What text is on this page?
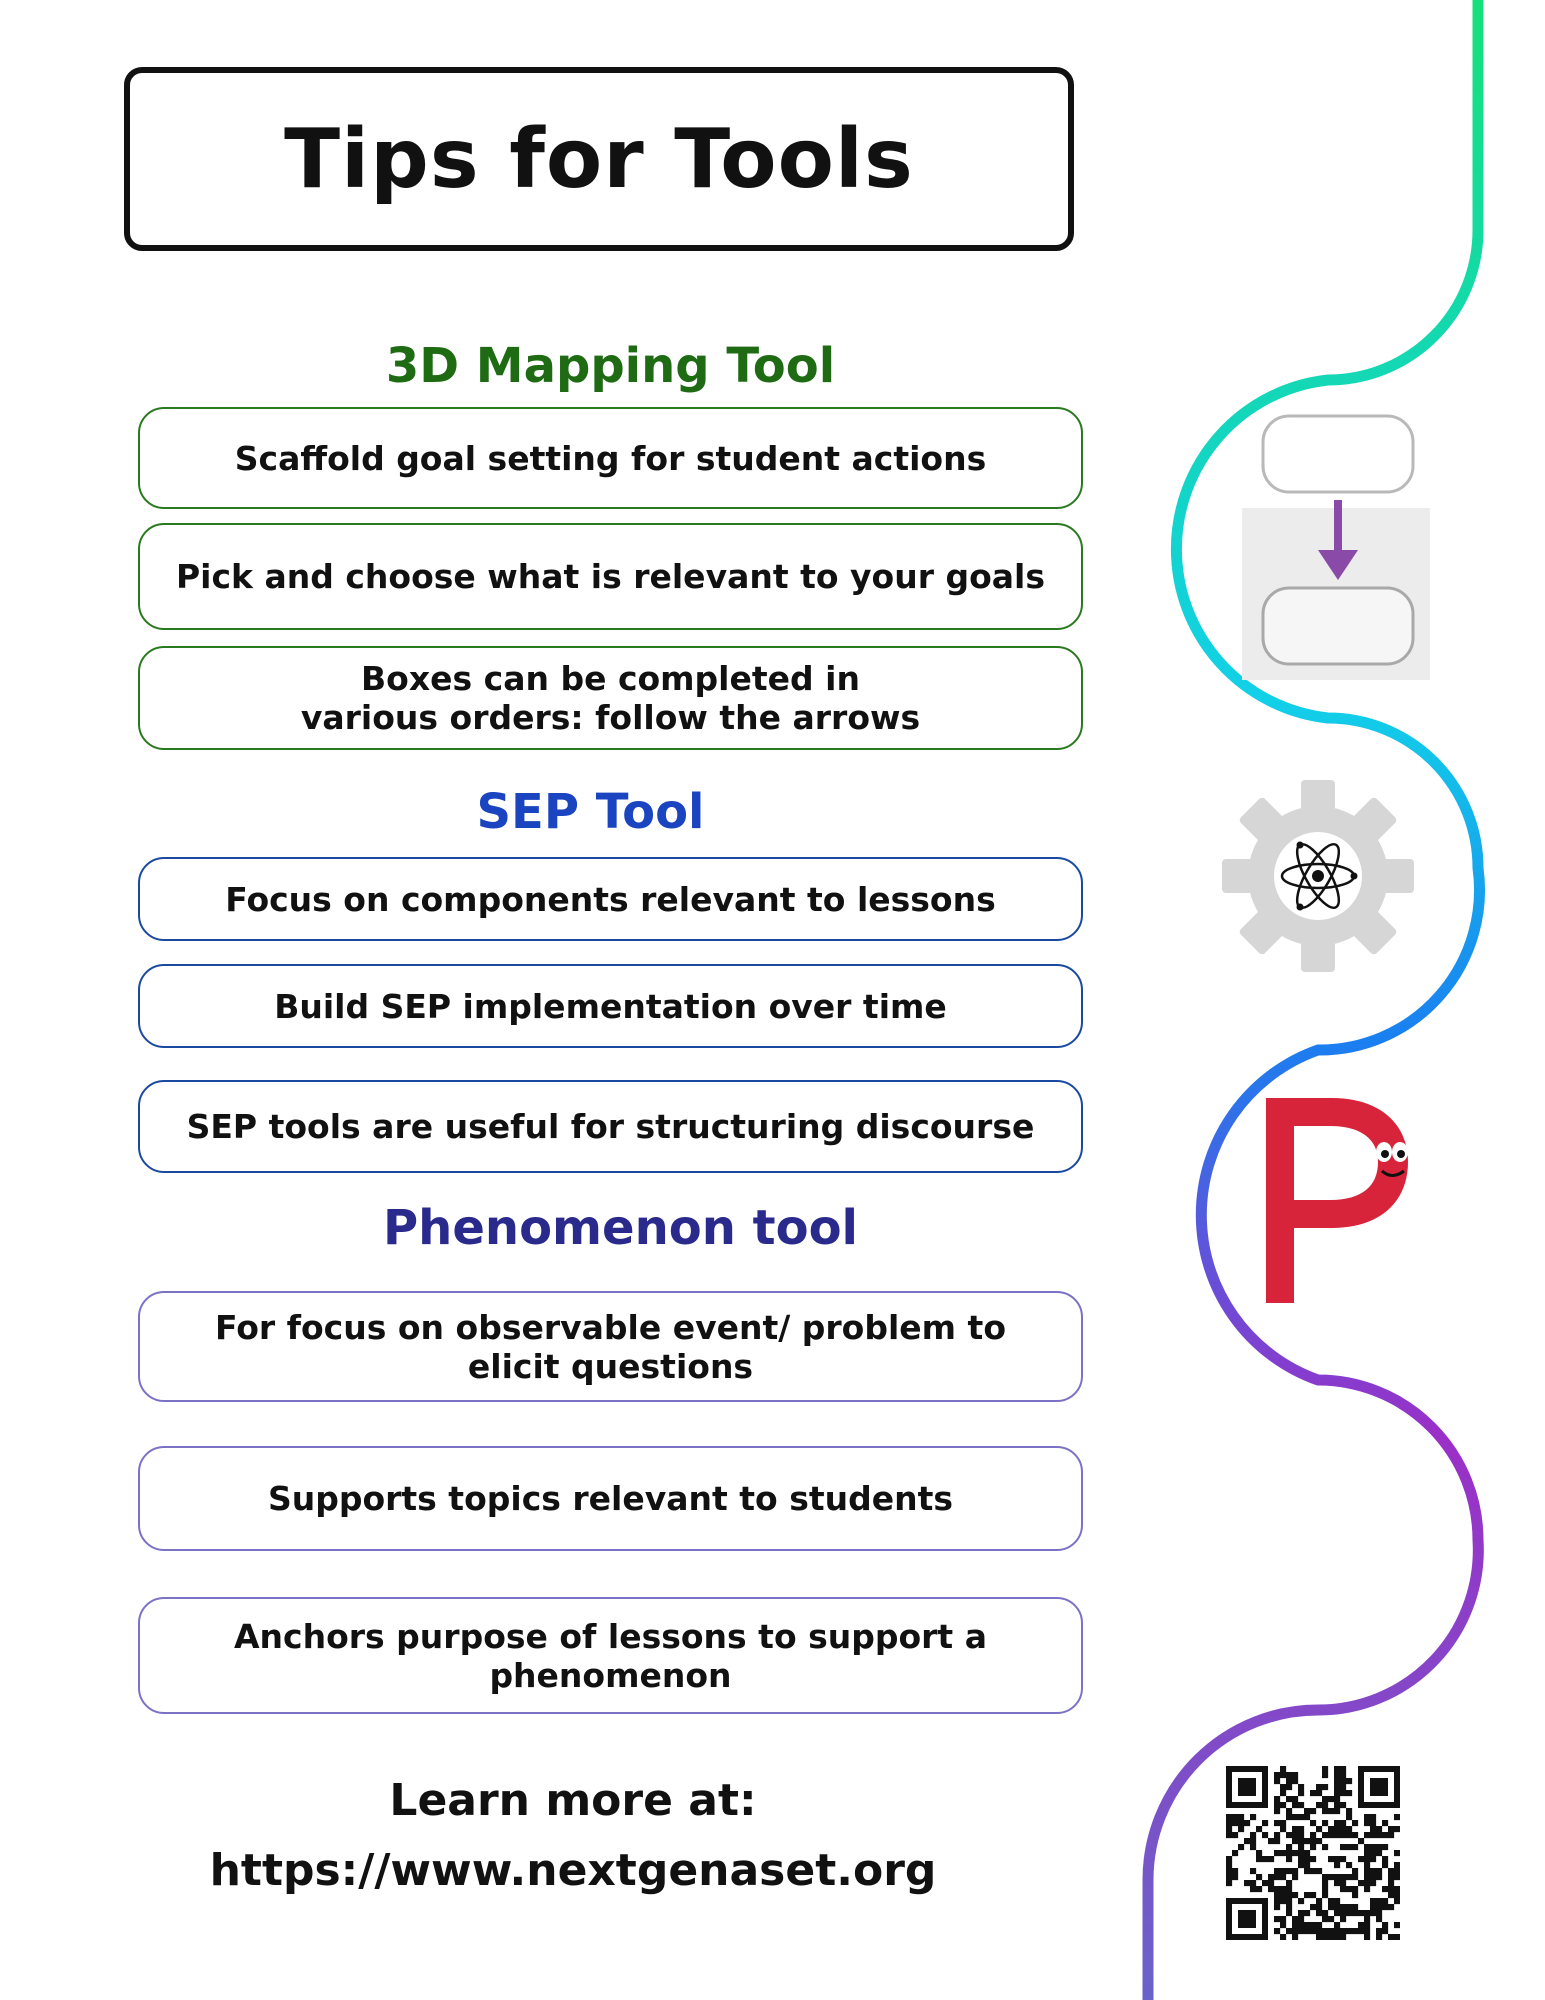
Tips for Tools
3D Mapping Tool
Scaffold goal setting for student actions
Pick and choose what is relevant to your goals
Boxes can be completed in
various orders: follow the arrows
SEP Tool
Focus on components relevant to lessons
Build SEP implementation over time
SEP tools are useful for structuring discourse
Phenomenon tool
For focus on observable event/ problem to
elicit questions
Supports topics relevant to students
Anchors purpose of lessons to support a
phenomenon
Learn more at:
https://www.nextgenaset.org
